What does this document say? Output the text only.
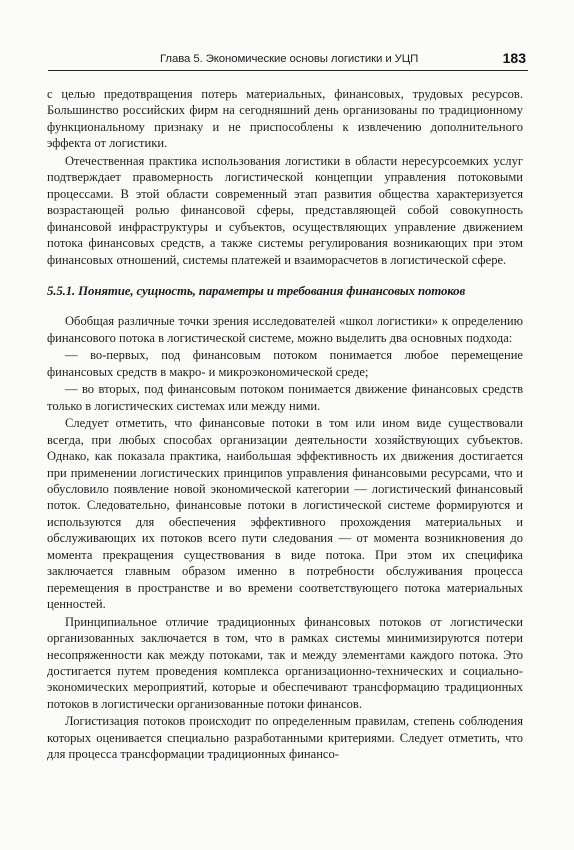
Глава 5. Экономические основы логистики и УЦП	183

с целью предотвращения потерь материальных, финансовых, трудовых ресурсов. Большинство российских фирм на сегодняшний день организованы по традиционному функциональному признаку и не приспособлены к извлечению дополнительного эффекта от логистики.

Отечественная практика использования логистики в области нересурсоемких услуг подтверждает правомерность логистической концепции управления потоковыми процессами. В этой области современный этап развития общества характеризуется возрастающей ролью финансовой сферы, представляющей собой совокупность финансовой инфраструктуры и субъектов, осуществляющих управление движением потока финансовых средств, а также системы регулирования возникающих при этом финансовых отношений, системы платежей и взаиморасчетов в логистической сфере.

5.5.1. Понятие, сущность, параметры и требования финансовых потоков

Обобщая различные точки зрения исследователей «школ логистики» к определению финансового потока в логистической системе, можно выделить два основных подхода:

— во-первых, под финансовым потоком понимается любое перемещение финансовых средств в макро- и микроэкономической среде;

— во вторых, под финансовым потоком понимается движение финансовых средств только в логистических системах или между ними.

Следует отметить, что финансовые потоки в том или ином виде существовали всегда, при любых способах организации деятельности хозяйствующих субъектов. Однако, как показала практика, наибольшая эффективность их движения достигается при применении логистических принципов управления финансовыми ресурсами, что и обусловило появление новой экономической категории — логистический финансовый поток. Следовательно, финансовые потоки в логистической системе формируются и используются для обеспечения эффективного прохождения материальных и обслуживающих их потоков всего пути следования — от момента возникновения до момента прекращения существования в виде потока. При этом их специфика заключается главным образом именно в потребности обслуживания процесса перемещения в пространстве и во времени соответствующего потока материальных ценностей.

Принципиальное отличие традиционных финансовых потоков от логистически организованных заключается в том, что в рамках системы минимизируются потери несопряженности как между потоками, так и между элементами каждого потока. Это достигается путем проведения комплекса организационно-технических и социально-экономических мероприятий, которые и обеспечивают трансформацию традиционных потоков в логистически организованные потоки финансов.

Логистизация потоков происходит по определенным правилам, степень соблюдения которых оценивается специально разработанными критериями. Следует отметить, что для процесса трансформации традиционных финансо-
